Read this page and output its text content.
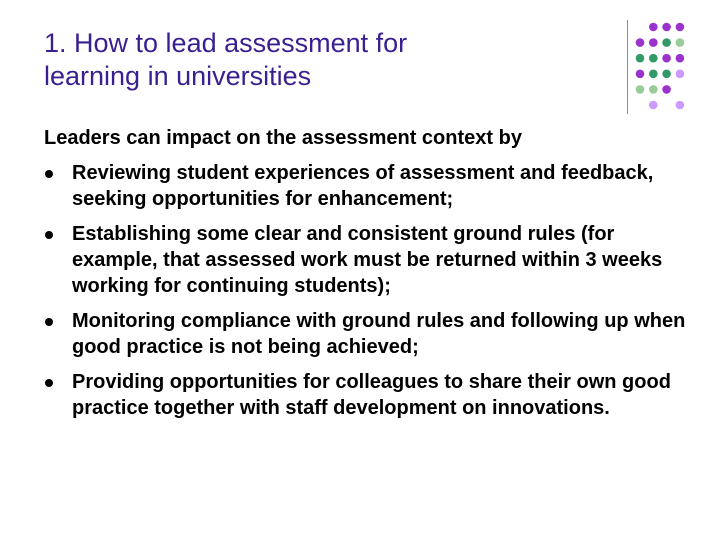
1. How to lead assessment for
learning in universities

Leaders can impact on the assessment context by

Reviewing student experiences of assessment and feedback, seeking opportunities for enhancement;
Establishing some clear and consistent ground rules (for example, that assessed work must be returned within 3 weeks working for continuing students);
Monitoring compliance with ground rules and following up when good practice is not being achieved;
Providing opportunities for colleagues to share their own good practice together with staff development on innovations.
